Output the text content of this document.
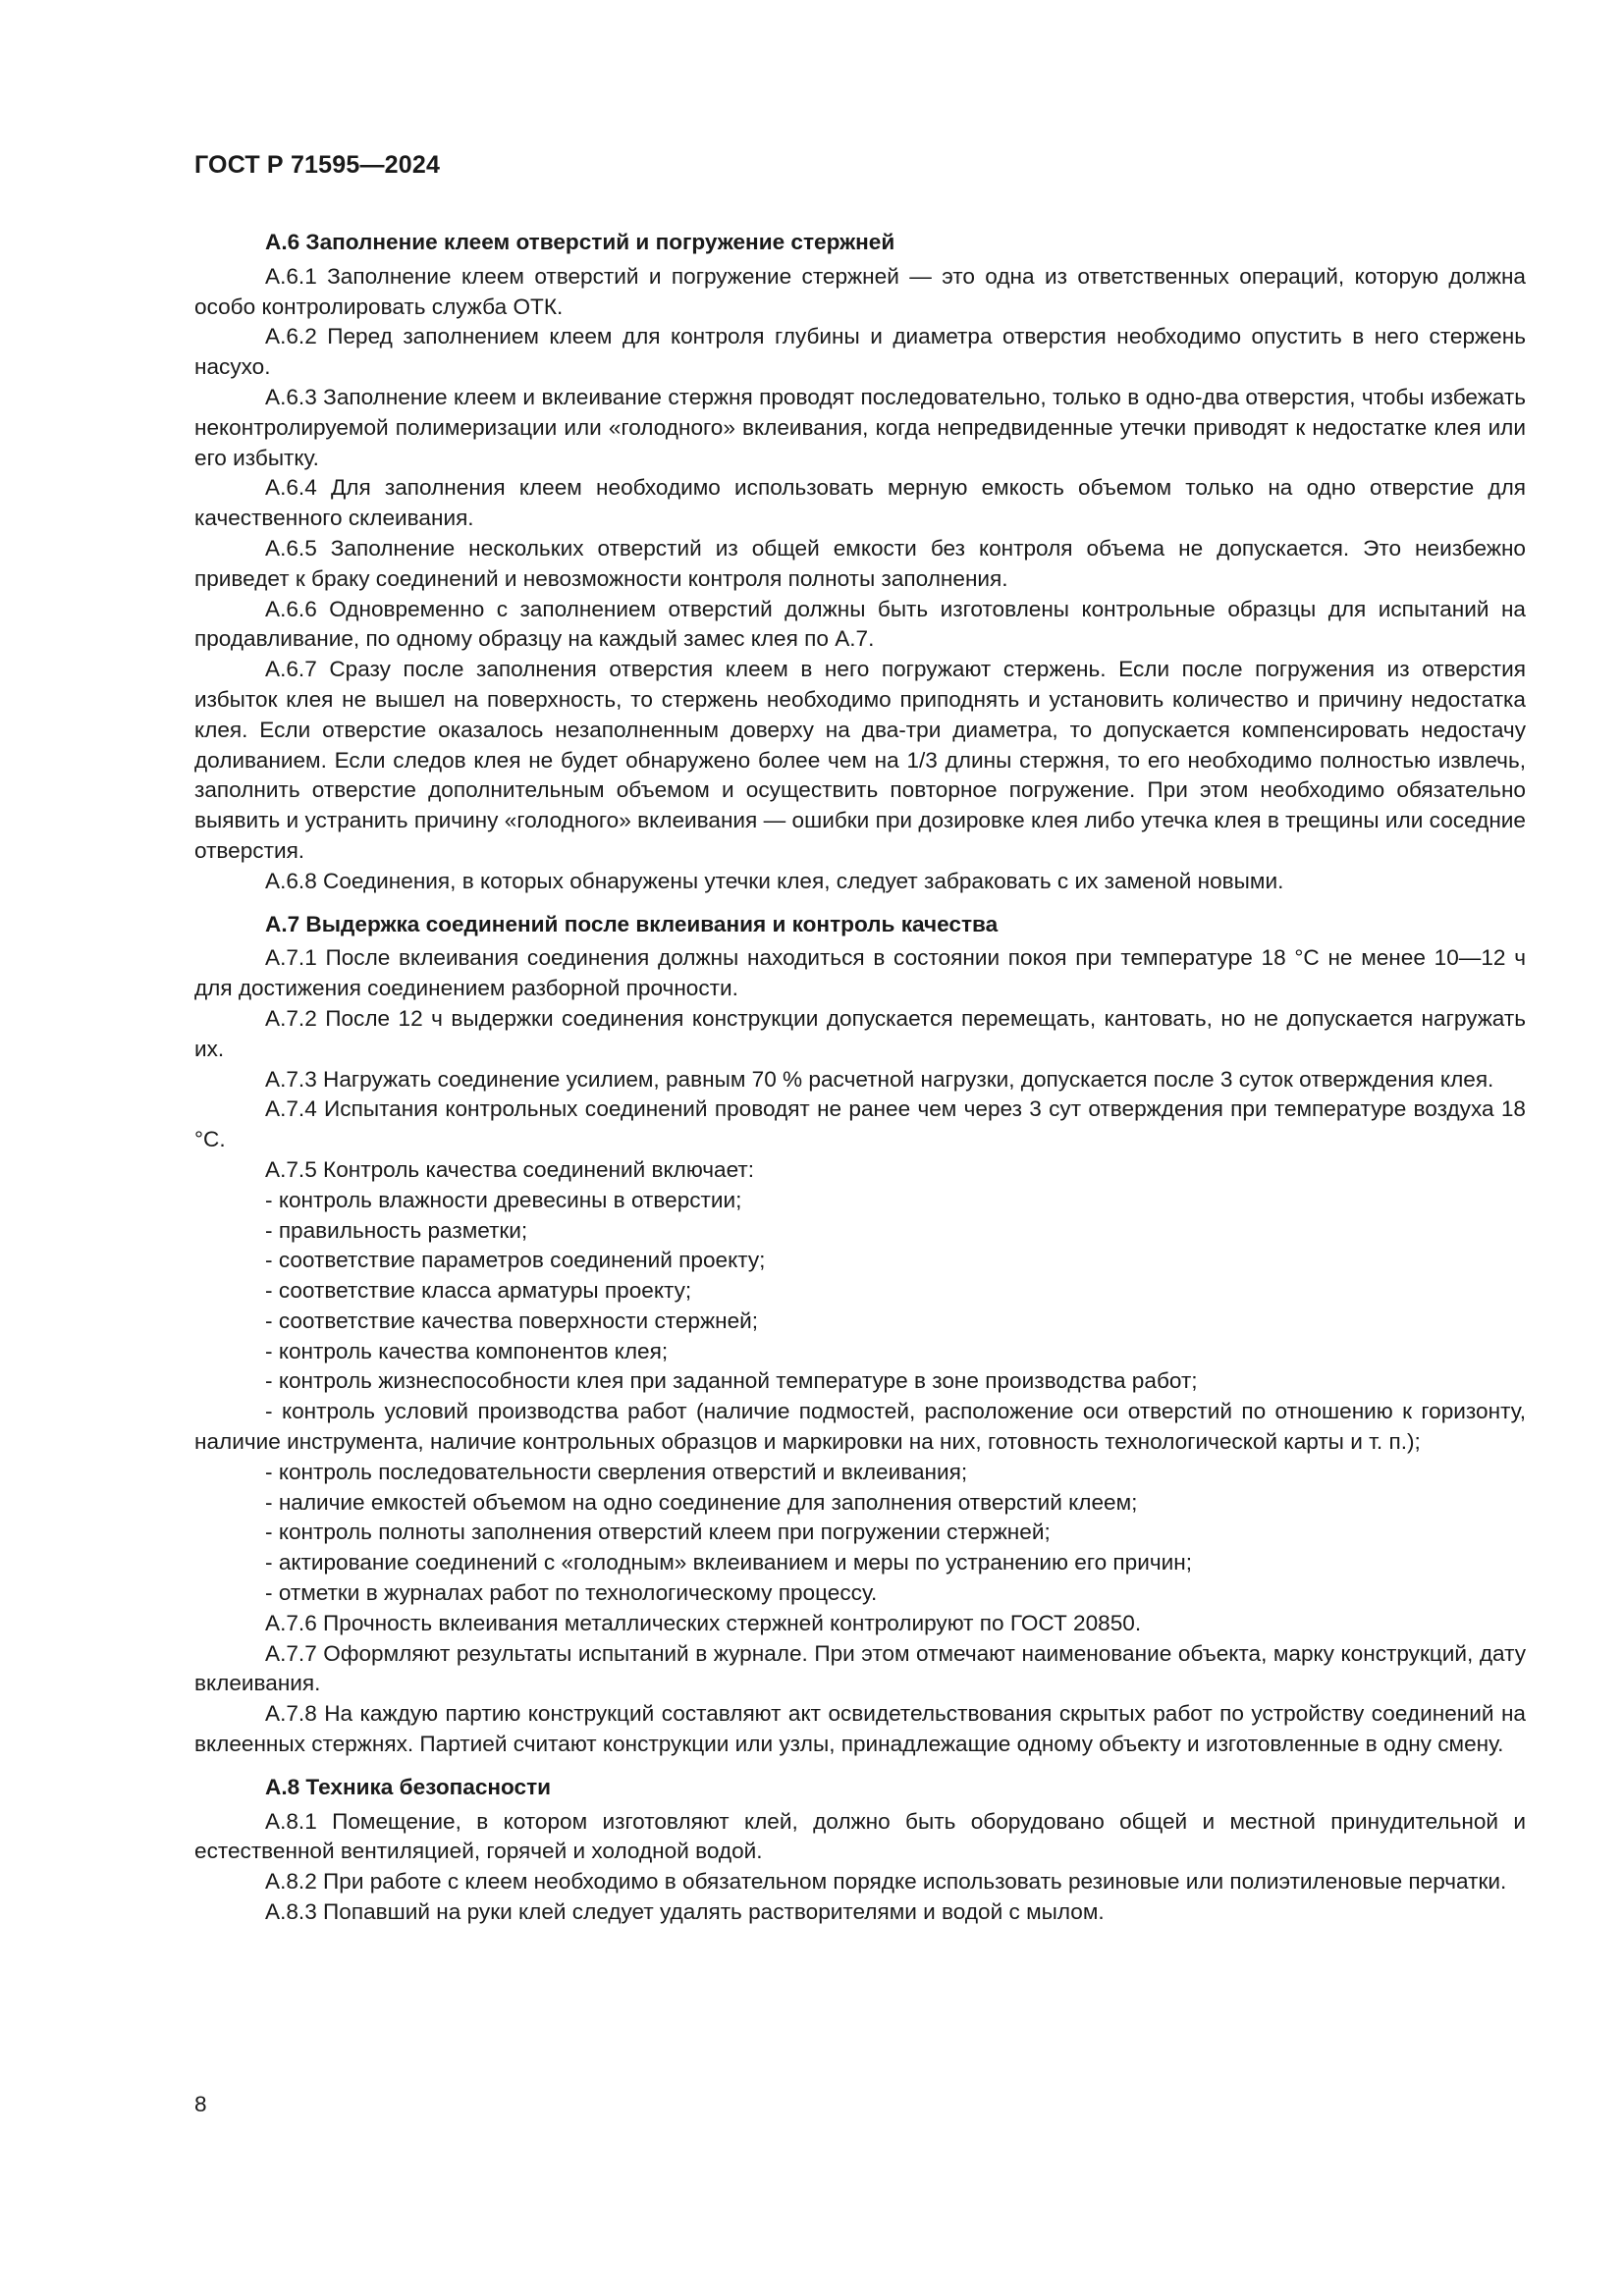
ГОСТ Р 71595—2024
А.6 Заполнение клеем отверстий и погружение стержней

А.6.1 Заполнение клеем отверстий и погружение стержней — это одна из ответственных операций, которую должна особо контролировать служба ОТК.

А.6.2 Перед заполнением клеем для контроля глубины и диаметра отверстия необходимо опустить в него стержень насухо.

А.6.3 Заполнение клеем и вклеивание стержня проводят последовательно, только в одно-два отверстия, чтобы избежать неконтролируемой полимеризации или «голодного» вклеивания, когда непредвиденные утечки приводят к недостатке клея или его избытку.

А.6.4 Для заполнения клеем необходимо использовать мерную емкость объемом только на одно отверстие для качественного склеивания.

А.6.5 Заполнение нескольких отверстий из общей емкости без контроля объема не допускается. Это неизбежно приведет к браку соединений и невозможности контроля полноты заполнения.

А.6.6 Одновременно с заполнением отверстий должны быть изготовлены контрольные образцы для испытаний на продавливание, по одному образцу на каждый замес клея по А.7.

А.6.7 Сразу после заполнения отверстия клеем в него погружают стержень. Если после погружения из отверстия избыток клея не вышел на поверхность, то стержень необходимо приподнять и установить количество и причину недостатка клея. Если отверстие оказалось незаполненным доверху на два-три диаметра, то допускается компенсировать недостачу доливанием. Если следов клея не будет обнаружено более чем на 1/3 длины стержня, то его необходимо полностью извлечь, заполнить отверстие дополнительным объемом и осуществить повторное погружение. При этом необходимо обязательно выявить и устранить причину «голодного» вклеивания — ошибки при дозировке клея либо утечка клея в трещины или соседние отверстия.

А.6.8 Соединения, в которых обнаружены утечки клея, следует забраковать с их заменой новыми.

А.7 Выдержка соединений после вклеивания и контроль качества

А.7.1 После вклеивания соединения должны находиться в состоянии покоя при температуре 18 °С не менее 10—12 ч для достижения соединением разборной прочности.

А.7.2 После 12 ч выдержки соединения конструкции допускается перемещать, кантовать, но не допускается нагружать их.

А.7.3 Нагружать соединение усилием, равным 70 % расчетной нагрузки, допускается после 3 суток отверждения клея.

А.7.4 Испытания контрольных соединений проводят не ранее чем через 3 сут отверждения при температуре воздуха 18 °С.

А.7.5 Контроль качества соединений включает:

- контроль влажности древесины в отверстии;
- правильность разметки;
- соответствие параметров соединений проекту;
- соответствие класса арматуры проекту;
- соответствие качества поверхности стержней;
- контроль качества компонентов клея;
- контроль жизнеспособности клея при заданной температуре в зоне производства работ;
- контроль условий производства работ (наличие подмостей, расположение оси отверстий по отношению к горизонту, наличие инструмента, наличие контрольных образцов и маркировки на них, готовность технологической карты и т. п.);
- контроль последовательности сверления отверстий и вклеивания;
- наличие емкостей объемом на одно соединение для заполнения отверстий клеем;
- контроль полноты заполнения отверстий клеем при погружении стержней;
- актирование соединений с «голодным» вклеиванием и меры по устранению его причин;
- отметки в журналах работ по технологическому процессу.

А.7.6 Прочность вклеивания металлических стержней контролируют по ГОСТ 20850.

А.7.7 Оформляют результаты испытаний в журнале. При этом отмечают наименование объекта, марку конструкций, дату вклеивания.

А.7.8 На каждую партию конструкций составляют акт освидетельствования скрытых работ по устройству соединений на вклеенных стержнях. Партией считают конструкции или узлы, принадлежащие одному объекту и изготовленные в одну смену.

А.8 Техника безопасности

А.8.1 Помещение, в котором изготовляют клей, должно быть оборудовано общей и местной принудительной и естественной вентиляцией, горячей и холодной водой.

А.8.2 При работе с клеем необходимо в обязательном порядке использовать резиновые или полиэтиленовые перчатки.

А.8.3 Попавший на руки клей следует удалять растворителями и водой с мылом.

8
